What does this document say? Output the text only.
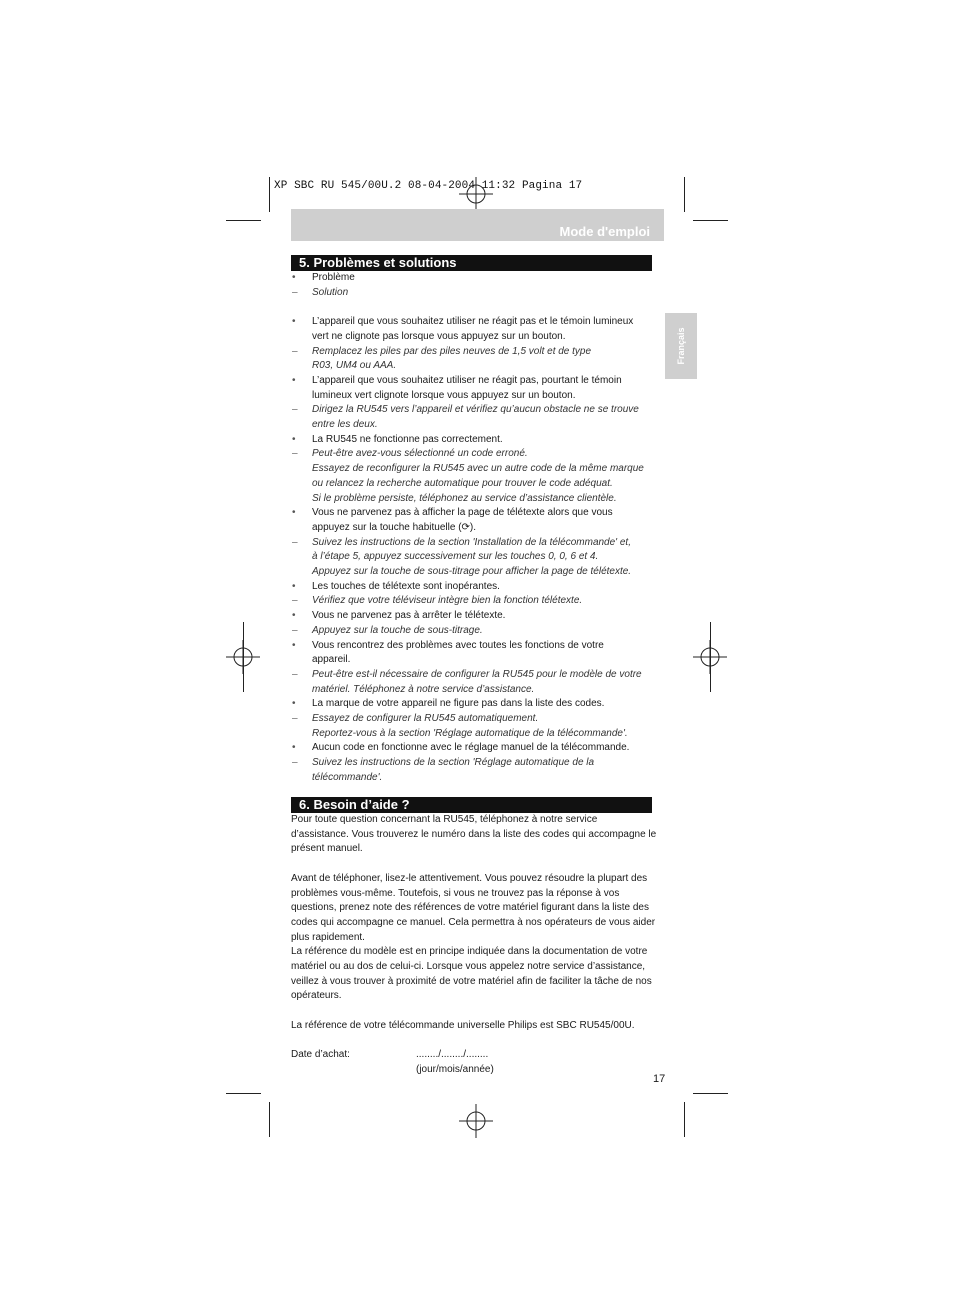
XP SBC RU 545/00U.2 08-04-2004 11:32 Pagina 17
Mode d'emploi
Français
5. Problèmes et solutions
• Problème
– Solution
• L’appareil que vous souhaitez utiliser ne réagit pas et le témoin lumineux
vert ne clignote pas lorsque vous appuyez sur un bouton.
– Remplacez les piles par des piles neuves de 1,5 volt et de type
R03, UM4 ou AAA.
• L’appareil que vous souhaitez utiliser ne réagit pas, pourtant le témoin
lumineux vert clignote lorsque vous appuyez sur un bouton.
– Dirigez la RU545 vers l’appareil et vérifiez qu’aucun obstacle ne se trouve
entre les deux.
• La RU545 ne fonctionne pas correctement.
– Peut-être avez-vous sélectionné un code erroné.
Essayez de reconfigurer la RU545 avec un autre code de la même marque
ou relancez la recherche automatique pour trouver le code adéquat.
Si le problème persiste, téléphonez au service d’assistance clientèle.
• Vous ne parvenez pas à afficher la page de télétexte alors que vous
appuyez sur la touche habituelle (⟳).
– Suivez les instructions de la section 'Installation de la télécommande' et,
à l’étape 5, appuyez successivement sur les touches 0, 0, 6 et 4.
Appuyez sur la touche de sous-titrage pour afficher la page de télétexte.
• Les touches de télétexte sont inopérantes.
– Vérifiez que votre téléviseur intègre bien la fonction télétexte.
• Vous ne parvenez pas à arrêter le télétexte.
– Appuyez sur la touche de sous-titrage.
• Vous rencontrez des problèmes avec toutes les fonctions de votre
appareil.
– Peut-être est-il nécessaire de configurer la RU545 pour le modèle de votre
matériel. Téléphonez à notre service d’assistance.
• La marque de votre appareil ne figure pas dans la liste des codes.
– Essayez de configurer la RU545 automatiquement.
Reportez-vous à la section 'Réglage automatique de la télécommande'.
• Aucun code en fonctionne avec le réglage manuel de la télécommande.
– Suivez les instructions de la section 'Réglage automatique de la
télécommande'.
6. Besoin d’aide ?

Pour toute question concernant la RU545, téléphonez à notre service d’assistance. Vous trouverez le numéro dans la liste des codes qui accompagne le présent manuel.

Avant de téléphoner, lisez-le attentivement. Vous pouvez résoudre la plupart des problèmes vous-même. Toutefois, si vous ne trouvez pas la réponse à vos questions, prenez note des références de votre matériel figurant dans la liste des codes qui accompagne ce manuel. Cela permettra à nos opérateurs de vous aider plus rapidement.

La référence du modèle est en principe indiquée dans la documentation de votre matériel ou au dos de celui-ci. Lorsque vous appelez notre service d’assistance, veillez à vous trouver à proximité de votre matériel afin de faciliter la tâche de nos opérateurs.

La référence de votre télécommande universelle Philips est SBC RU545/00U.

Date d’achat:	......../......../........
(jour/mois/année)
17
